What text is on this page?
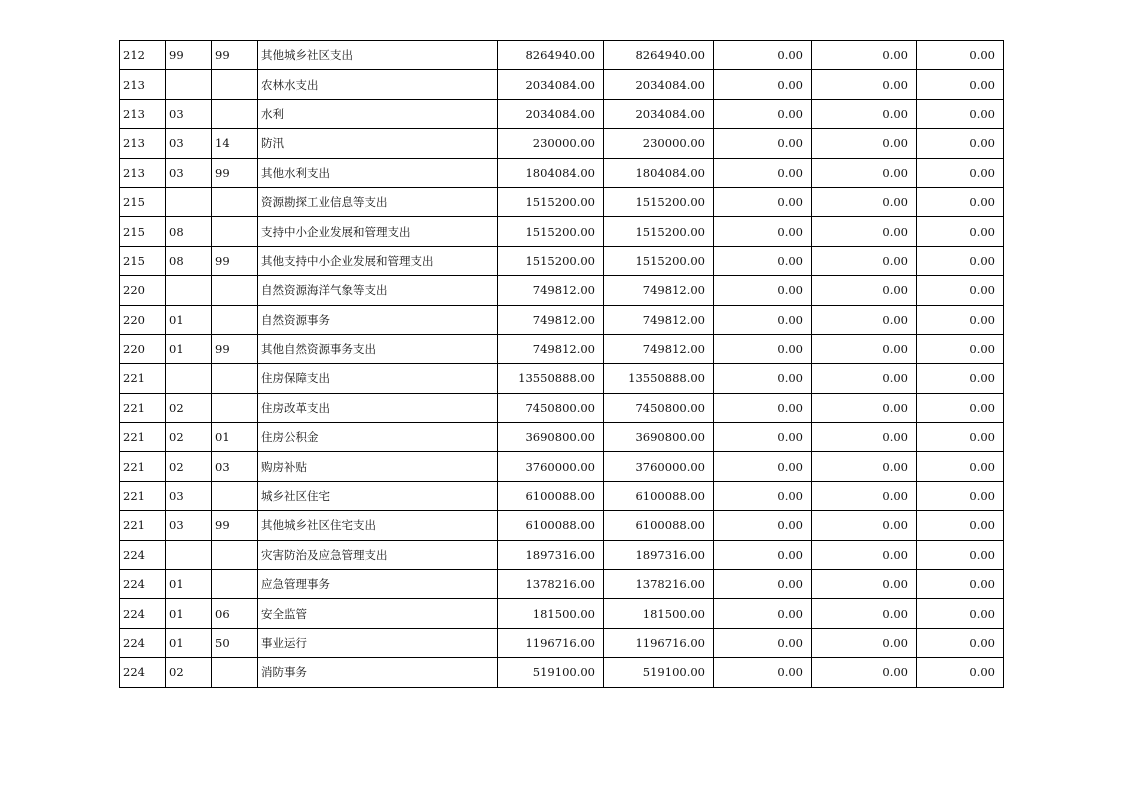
212	99	99	其他城乡社区支出	8264940.00	8264940.00	0.00	0.00	0.00
213			农林水支出	2034084.00	2034084.00	0.00	0.00	0.00
213	03		水利	2034084.00	2034084.00	0.00	0.00	0.00
213	03	14	防汛	230000.00	230000.00	0.00	0.00	0.00
213	03	99	其他水利支出	1804084.00	1804084.00	0.00	0.00	0.00
215			资源勘探工业信息等支出	1515200.00	1515200.00	0.00	0.00	0.00
215	08		支持中小企业发展和管理支出	1515200.00	1515200.00	0.00	0.00	0.00
215	08	99	其他支持中小企业发展和管理支出	1515200.00	1515200.00	0.00	0.00	0.00
220			自然资源海洋气象等支出	749812.00	749812.00	0.00	0.00	0.00
220	01		自然资源事务	749812.00	749812.00	0.00	0.00	0.00
220	01	99	其他自然资源事务支出	749812.00	749812.00	0.00	0.00	0.00
221			住房保障支出	13550888.00	13550888.00	0.00	0.00	0.00
221	02		住房改革支出	7450800.00	7450800.00	0.00	0.00	0.00
221	02	01	住房公积金	3690800.00	3690800.00	0.00	0.00	0.00
221	02	03	购房补贴	3760000.00	3760000.00	0.00	0.00	0.00
221	03		城乡社区住宅	6100088.00	6100088.00	0.00	0.00	0.00
221	03	99	其他城乡社区住宅支出	6100088.00	6100088.00	0.00	0.00	0.00
224			灾害防治及应急管理支出	1897316.00	1897316.00	0.00	0.00	0.00
224	01		应急管理事务	1378216.00	1378216.00	0.00	0.00	0.00
224	01	06	安全监管	181500.00	181500.00	0.00	0.00	0.00
224	01	50	事业运行	1196716.00	1196716.00	0.00	0.00	0.00
224	02		消防事务	519100.00	519100.00	0.00	0.00	0.00
